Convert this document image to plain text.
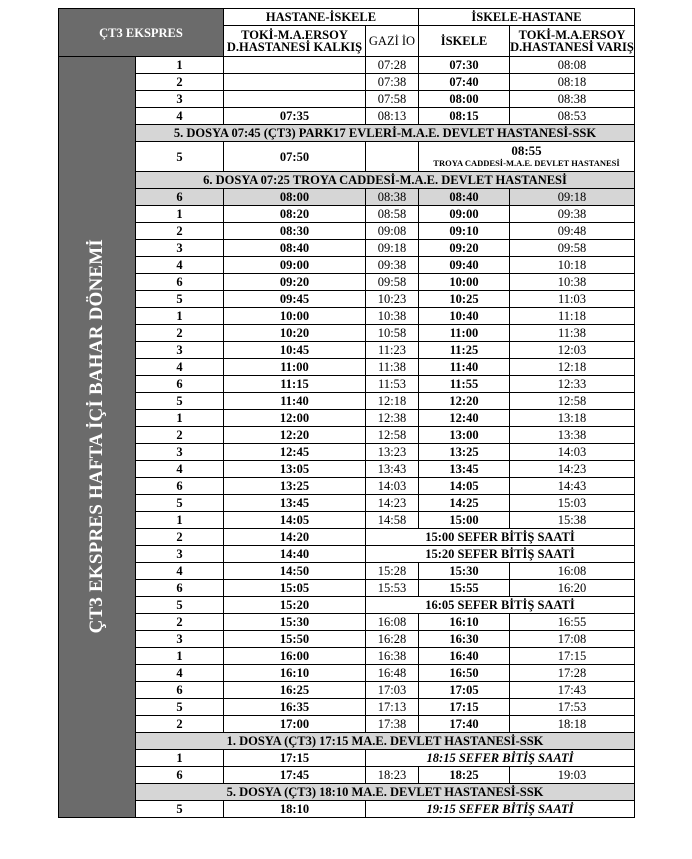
ÇT3 EKSPRES		HASTANE-İSKELE		İSKELE-HASTANE	
		TOKİ-M.A.ERSOY D.HASTANESİ KALKIŞ	GAZİ İO	İSKELE	TOKİ-M.A.ERSOY D.HASTANESİ VARIŞ
ÇT3 EKSPRES HAFTA İÇİ BAHAR DÖNEMİ	1		07:28	07:30	08:08
	2		07:38	07:40	08:18
	3		07:58	08:00	08:38
	4	07:35	08:13	08:15	08:53
	5. DOSYA 07:45 (ÇT3) PARK17 EVLERİ-M.A.E. DEVLET HASTANESİ-SSK				
	5	07:50		08:55
TROYA CADDESİ-M.A.E. DEVLET HASTANESİ	

	6. DOSYA 07:25 TROYA CADDESİ-M.A.E. DEVLET HASTANESİ				
	6	08:00	08:38	08:40	09:18
	1	08:20	08:58	09:00	09:38
	2	08:30	09:08	09:10	09:48
	3	08:40	09:18	09:20	09:58
	4	09:00	09:38	09:40	10:18
	6	09:20	09:58	10:00	10:38
	5	09:45	10:23	10:25	11:03
	1	10:00	10:38	10:40	11:18
	2	10:20	10:58	11:00	11:38
	3	10:45	11:23	11:25	12:03
	4	11:00	11:38	11:40	12:18
	6	11:15	11:53	11:55	12:33
	5	11:40	12:18	12:20	12:58
	1	12:00	12:38	12:40	13:18
	2	12:20	12:58	13:00	13:38
	3	12:45	13:23	13:25	14:03
	4	13:05	13:43	13:45	14:23
	6	13:25	14:03	14:05	14:43
	5	13:45	14:23	14:25	15:03
	1	14:05	14:58	15:00	15:38
	2	14:20	15:00 SEFER BİTİŞ SAATİ		
	3	14:40	15:20 SEFER BİTİŞ SAATİ		
	4	14:50	15:28	15:30	16:08
	6	15:05	15:53	15:55	16:20
	5	15:20	16:05 SEFER BİTİŞ SAATİ		
	2	15:30	16:08	16:10	16:55
	3	15:50	16:28	16:30	17:08
	1	16:00	16:38	16:40	17:15
	4	16:10	16:48	16:50	17:28
	6	16:25	17:03	17:05	17:43
	5	16:35	17:13	17:15	17:53
	2	17:00	17:38	17:40	18:18
	1. DOSYA (ÇT3) 17:15 MA.E. DEVLET HASTANESİ-SSK				
	1	17:15	18:15 SEFER BİTİŞ SAATİ		
	6	17:45	18:23	18:25	19:03
	5. DOSYA (ÇT3) 18:10 MA.E. DEVLET HASTANESİ-SSK				
	5	18:10	19:15 SEFER BİTİŞ SAATİ		
